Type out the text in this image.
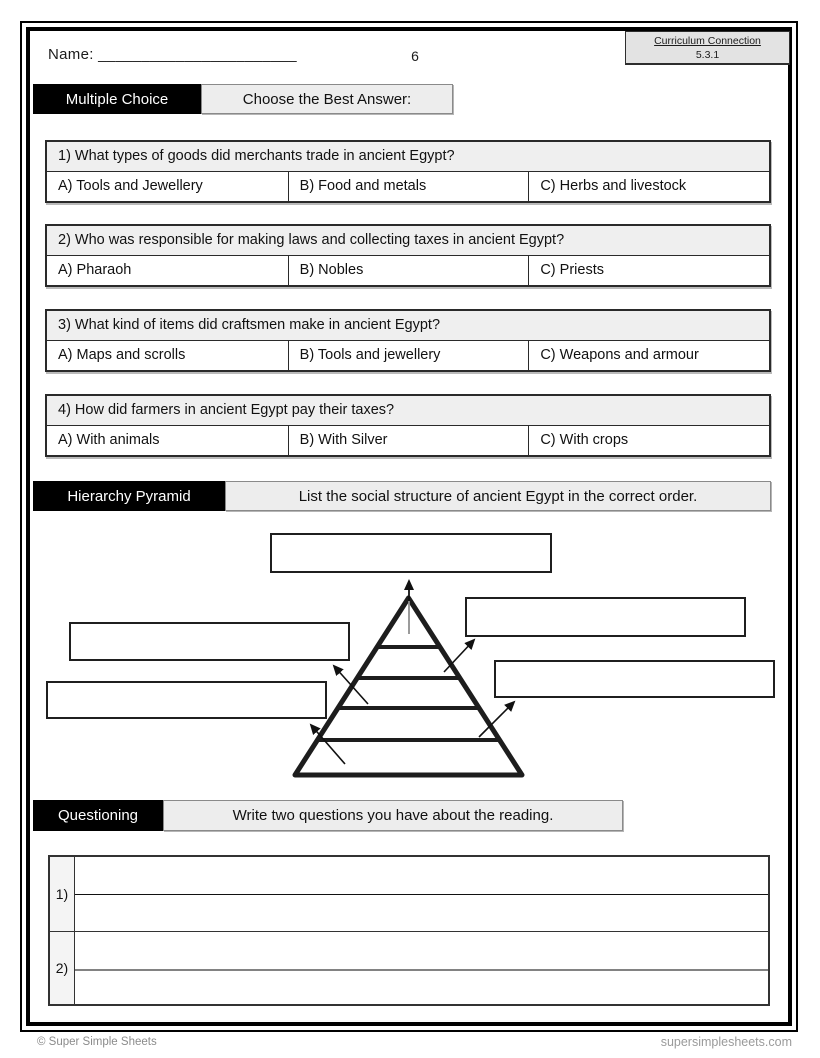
Name: _______________________	6
Curriculum Connection
5.3.1
Multiple Choice	Choose the Best Answer:
1) What types of goods did merchants trade in ancient Egypt?
A) Tools and Jewellery	B) Food and metals	C) Herbs and livestock
2) Who was responsible for making laws and collecting taxes in ancient Egypt?
A) Pharaoh	B) Nobles	C) Priests
3) What kind of items did craftsmen make in ancient Egypt?
A) Maps and scrolls	B) Tools and jewellery	C) Weapons and armour
4) How did farmers in ancient Egypt pay their taxes?
A) With animals	B) With Silver	C) With crops
Hierarchy Pyramid	List the social structure of ancient Egypt in the correct order.
Questioning	Write two questions you have about the reading.
1)
2)
© Super Simple Sheets	supersimplesheets.com
